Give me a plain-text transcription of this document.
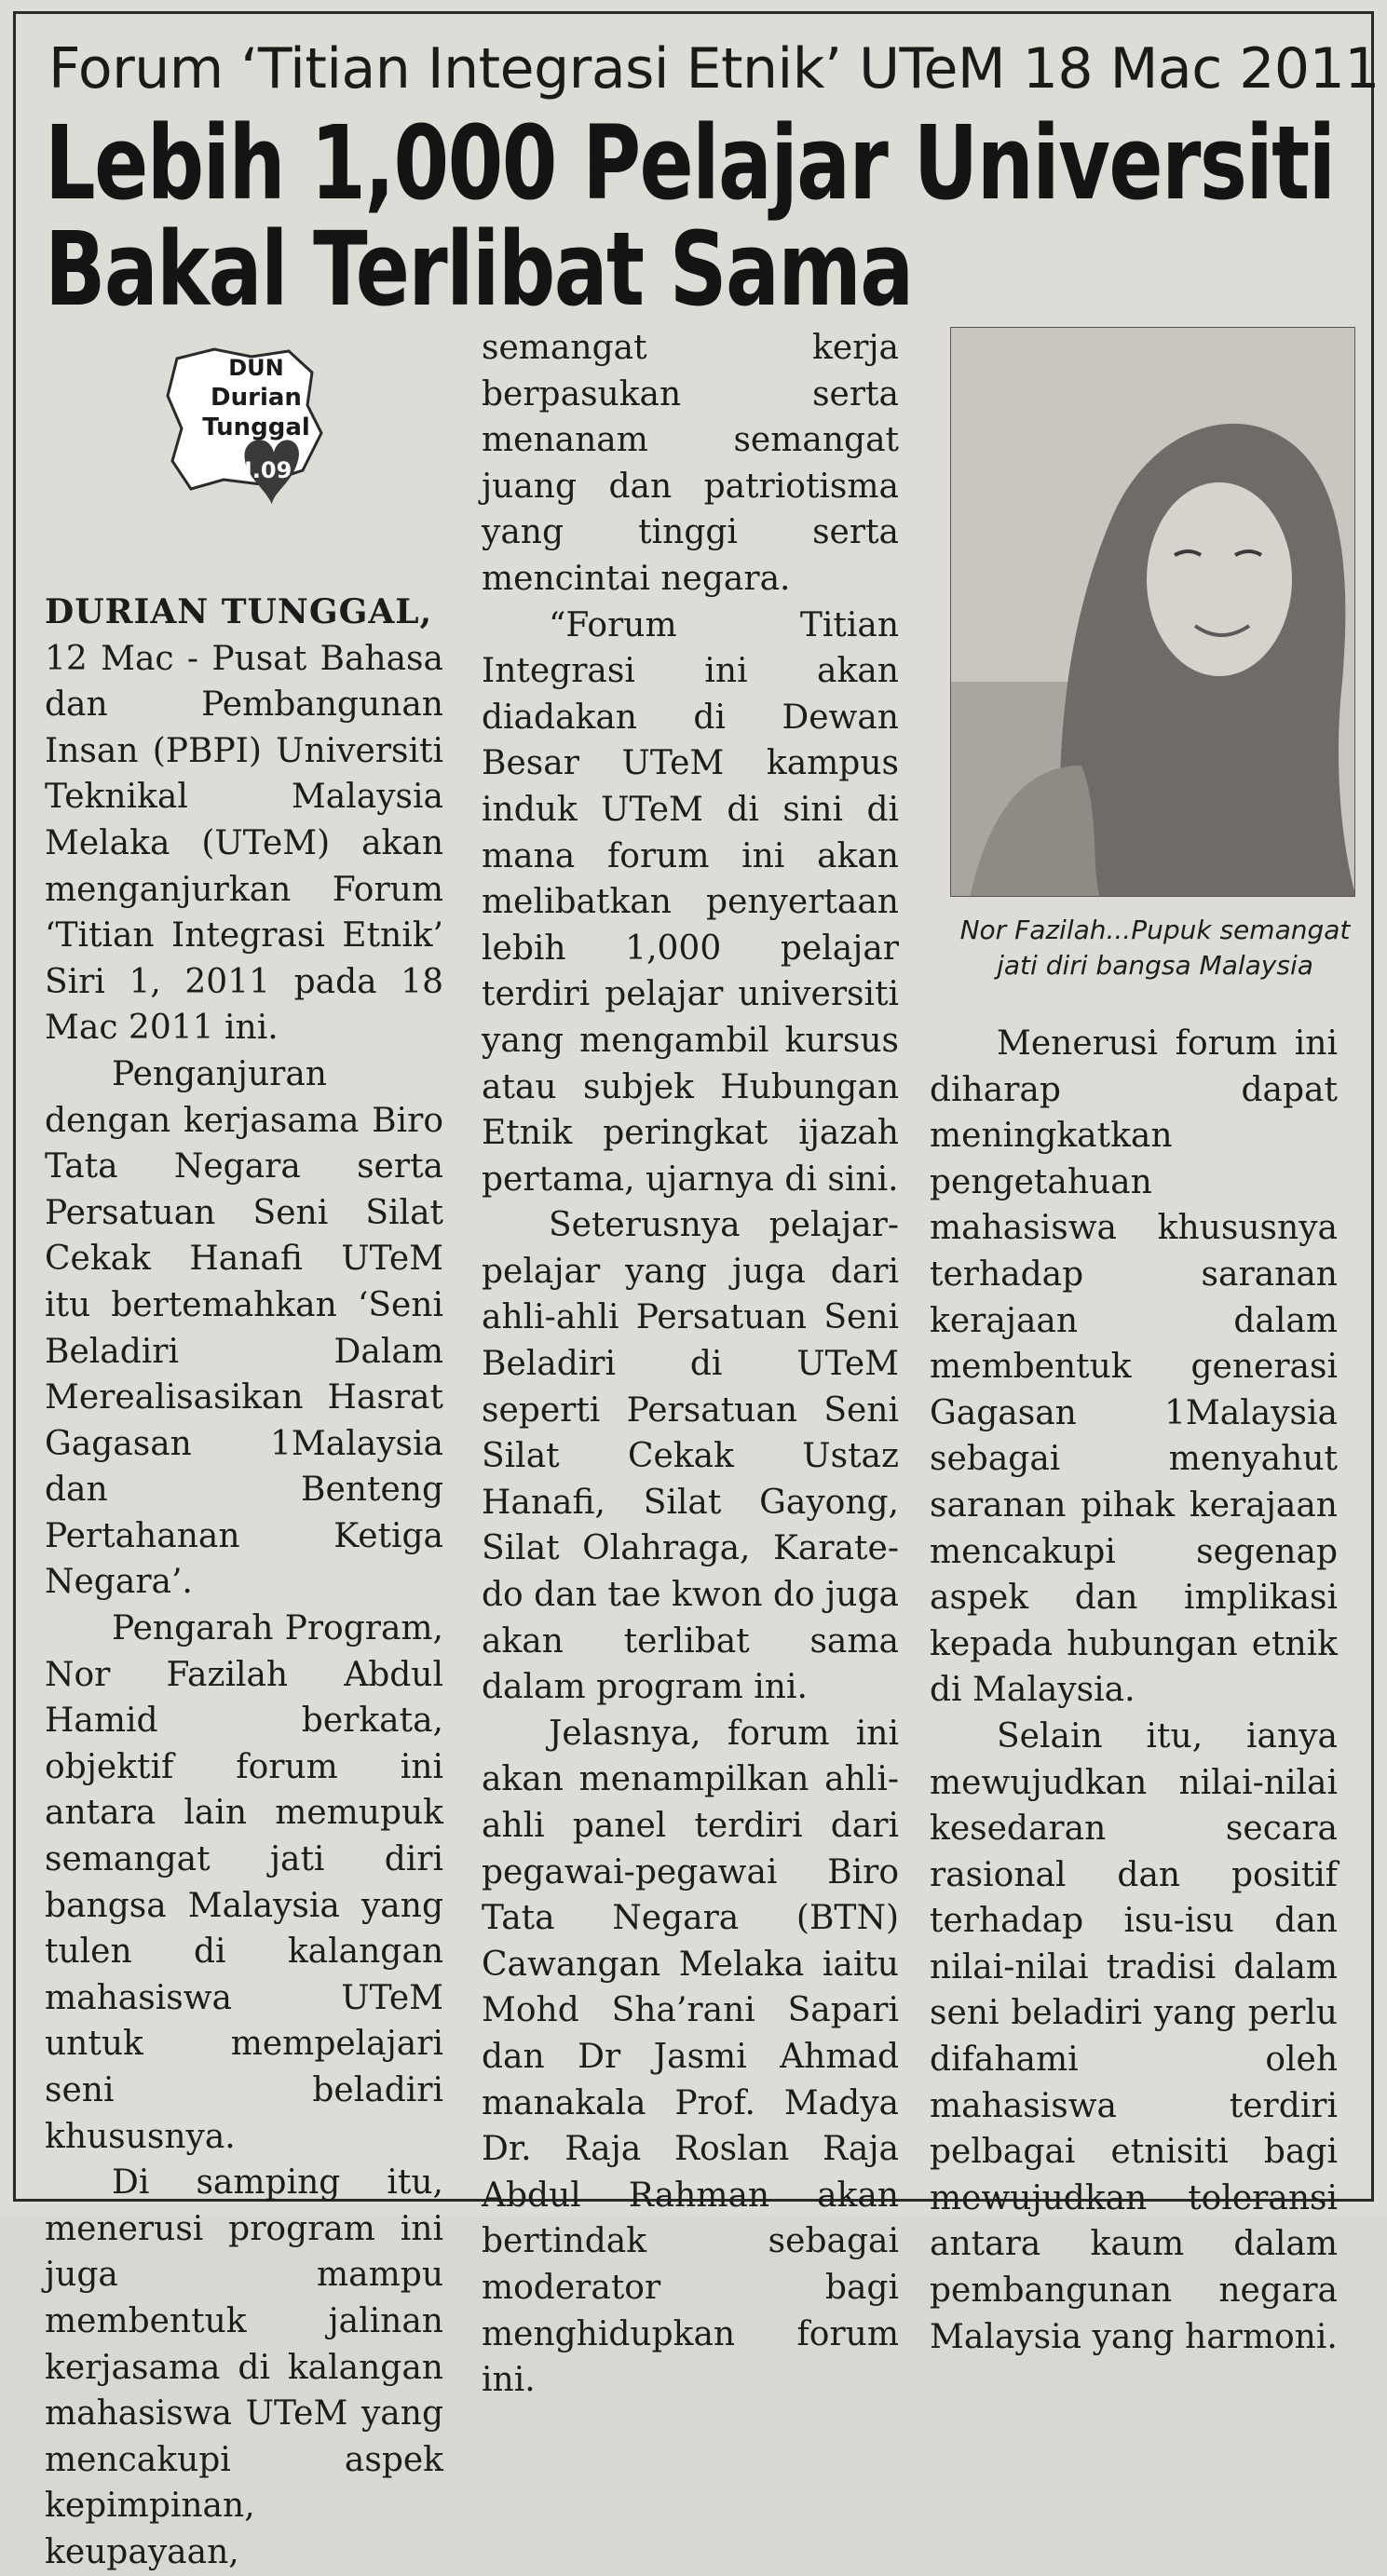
Forum ‘Titian Integrasi Etnik’ UTeM 18 Mac 2011
Lebih 1,000 Pelajar Universiti
Bakal Terlibat Sama
DUN
Durian
Tunggal
N.09

DURIAN TUNGGAL,

12 Mac - Pusat Bahasa dan Pembangunan Insan (PBPI) Universiti Teknikal Malaysia Melaka (UTeM) akan menganjurkan Forum ‘Titian Integrasi Etnik’ Siri 1, 2011 pada 18 Mac 2011 ini.

Penganjuran dengan kerjasama Biro Tata Negara serta Persatuan Seni Silat Cekak Hanafi UTeM itu bertemahkan ‘Seni Beladiri Dalam Merealisasikan Hasrat Gagasan 1Malaysia dan Benteng Pertahanan Ketiga Negara’.

Pengarah Program, Nor Fazilah Abdul Hamid berkata, objektif forum ini antara lain memupuk semangat jati diri bangsa Malaysia yang tulen di kalangan mahasiswa UTeM untuk mempelajari seni beladiri khususnya.

Di samping itu, menerusi program ini juga mampu membentuk jalinan kerjasama di kalangan mahasiswa UTeM yang mencakupi aspek kepimpinan, keupayaan,

semangat kerja berpasukan serta menanam semangat juang dan patriotisma yang tinggi serta mencintai negara.

“Forum Titian Integrasi ini akan diadakan di Dewan Besar UTeM kampus induk UTeM di sini di mana forum ini akan melibatkan penyertaan lebih 1,000 pelajar terdiri pelajar universiti yang mengambil kursus atau subjek Hubungan Etnik peringkat ijazah pertama, ujarnya di sini.

Seterusnya pelajar-pelajar yang juga dari ahli-ahli Persatuan Seni Beladiri di UTeM seperti Persatuan Seni Silat Cekak Ustaz Hanafi, Silat Gayong, Silat Olahraga, Karate-do dan tae kwon do juga akan terlibat sama dalam program ini.

Jelasnya, forum ini akan menampilkan ahli-ahli panel terdiri dari pegawai-pegawai Biro Tata Negara (BTN) Cawangan Melaka iaitu Mohd Sha’rani Sapari dan Dr Jasmi Ahmad manakala Prof. Madya Dr. Raja Roslan Raja Abdul Rahman akan bertindak sebagai moderator bagi menghidupkan forum ini.

Nor Fazilah...Pupuk semangat
jati diri bangsa Malaysia

Menerusi forum ini diharap dapat meningkatkan pengetahuan mahasiswa khususnya terhadap saranan kerajaan dalam membentuk generasi Gagasan 1Malaysia sebagai menyahut saranan pihak kerajaan mencakupi segenap aspek dan implikasi kepada hubungan etnik di Malaysia.

Selain itu, ianya mewujudkan nilai-nilai kesedaran secara rasional dan positif terhadap isu-isu dan nilai-nilai tradisi dalam seni beladiri yang perlu difahami oleh mahasiswa terdiri pelbagai etnisiti bagi mewujudkan toleransi antara kaum dalam pembangunan negara Malaysia yang harmoni.
